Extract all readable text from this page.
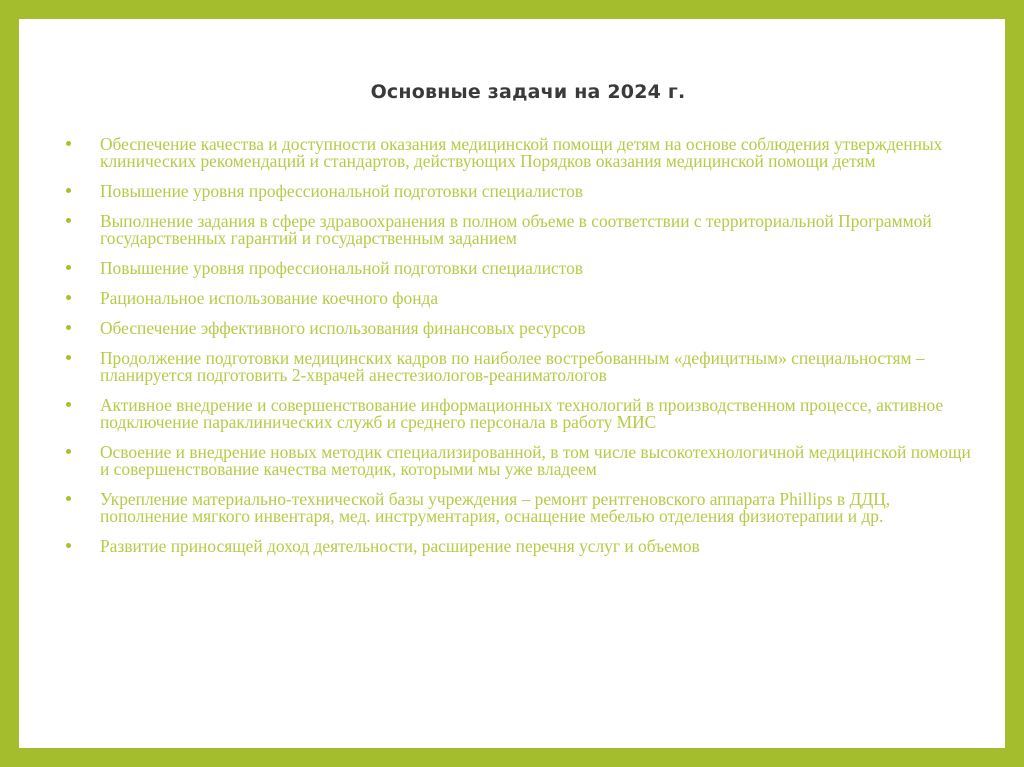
Основные задачи на 2024 г.
Обеспечение качества и доступности оказания медицинской помощи детям на основе соблюдения утвержденных клинических рекомендаций и стандартов, действующих Порядков оказания медицинской помощи детям
Повышение уровня профессиональной подготовки специалистов
Выполнение задания в сфере здравоохранения в полном объеме в соответствии с территориальной Программой государственных гарантий и государственным заданием
Повышение уровня профессиональной подготовки специалистов
Рациональное использование коечного фонда
Обеспечение эффективного использования финансовых ресурсов
Продолжение подготовки медицинских кадров по наиболее востребованным «дефицитным» специальностям – планируется подготовить 2-хврачей анестезиологов-реаниматологов
Активное внедрение и совершенствование информационных технологий в производственном процессе, активное подключение параклинических служб и среднего персонала в работу МИС
Освоение и внедрение новых методик специализированной, в том числе высокотехнологичной медицинской помощи и совершенствование качества методик, которыми мы уже владеем
Укрепление материально-технической базы учреждения – ремонт рентгеновского аппарата Phillips в ДДЦ, пополнение мягкого инвентаря, мед. инструментария, оснащение мебелью отделения физиотерапии и др.
Развитие приносящей доход деятельности, расширение перечня услуг и объемов
